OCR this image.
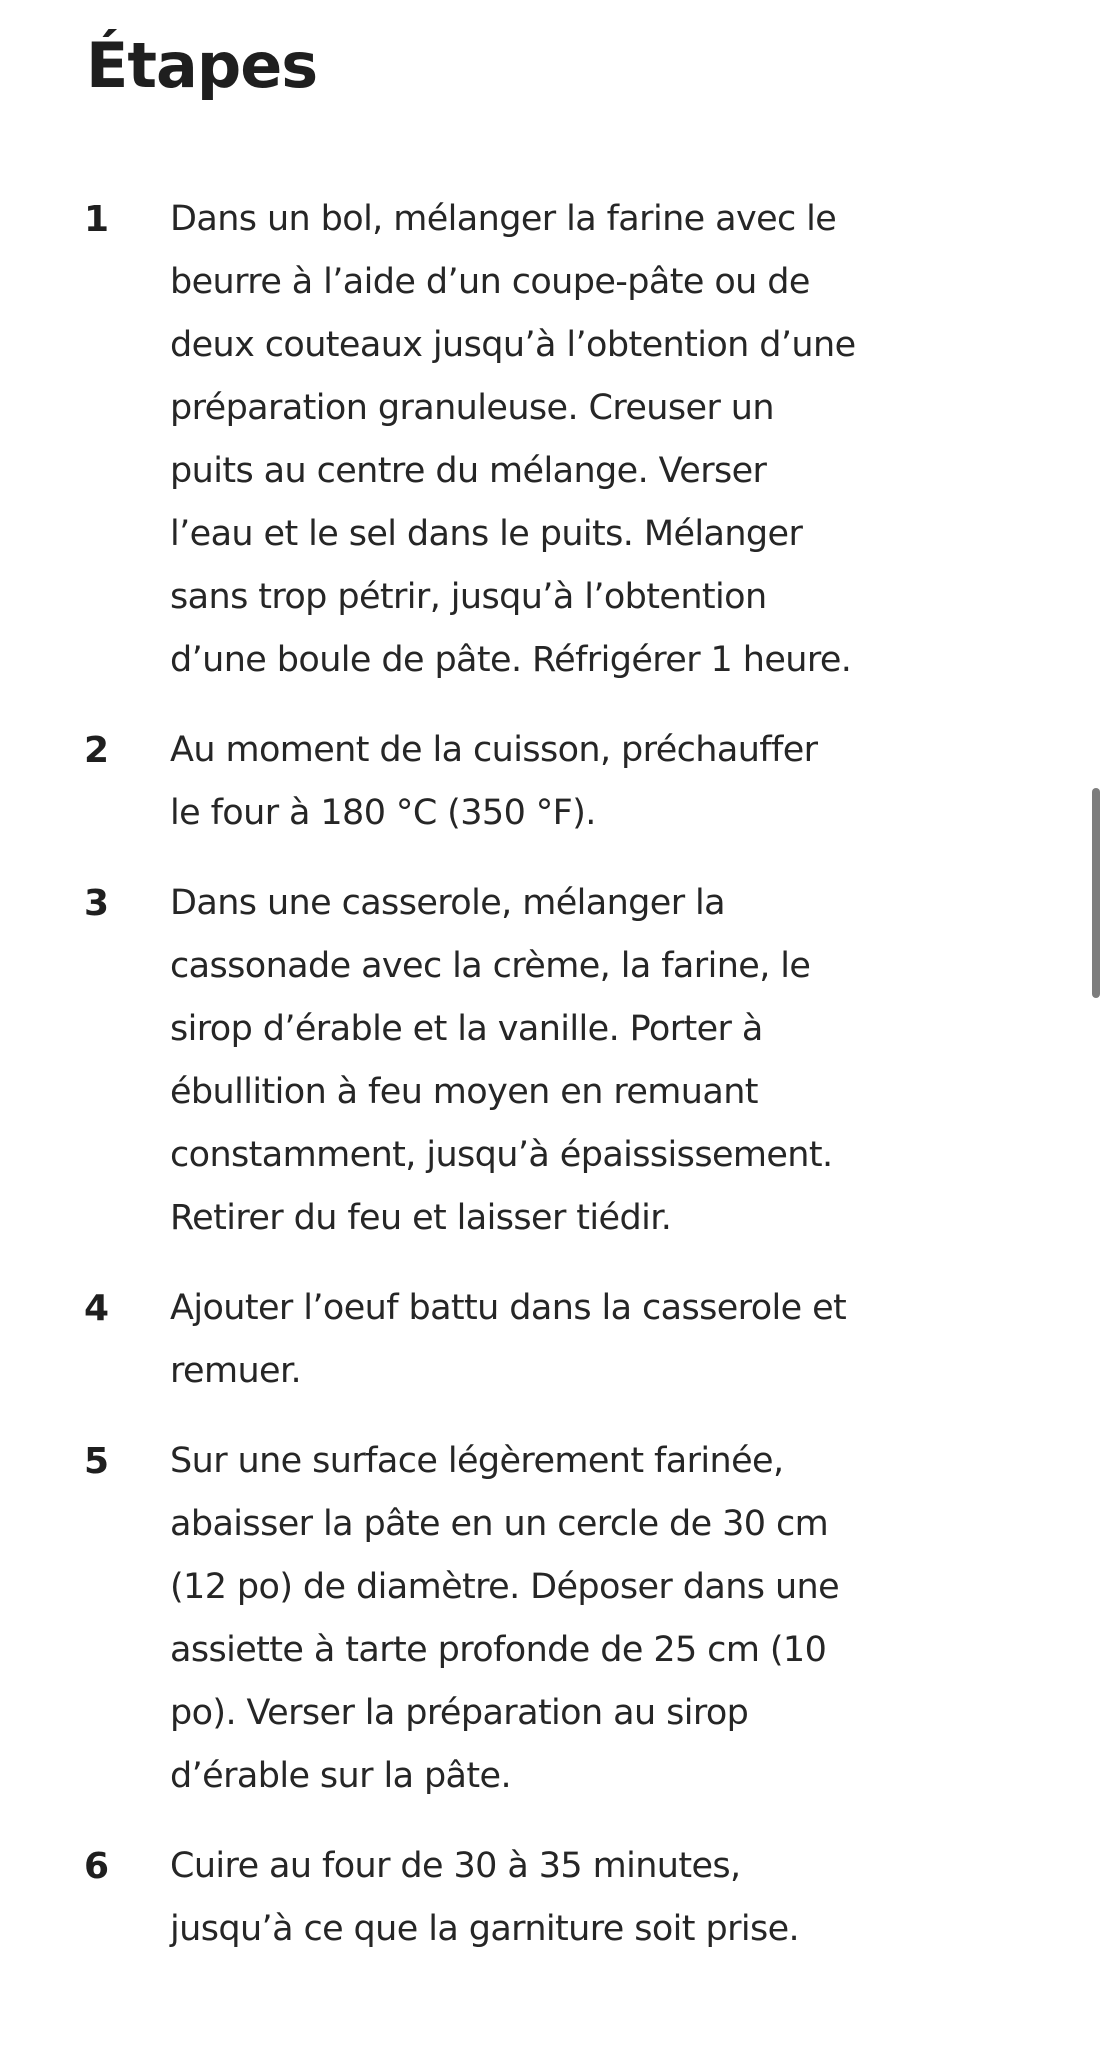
Étapes
1	Dans un bol, mélanger la farine avec le
beurre à l’aide d’un coupe-pâte ou de
deux couteaux jusqu’à l’obtention d’une
préparation granuleuse. Creuser un
puits au centre du mélange. Verser
l’eau et le sel dans le puits. Mélanger
sans trop pétrir, jusqu’à l’obtention
d’une boule de pâte. Réfrigérer 1 heure.
2	Au moment de la cuisson, préchauffer
le four à 180 °C (350 °F).
3	Dans une casserole, mélanger la
cassonade avec la crème, la farine, le
sirop d’érable et la vanille. Porter à
ébullition à feu moyen en remuant
constamment, jusqu’à épaississement.
Retirer du feu et laisser tiédir.
4	Ajouter l’oeuf battu dans la casserole et
remuer.
5	Sur une surface légèrement farinée,
abaisser la pâte en un cercle de 30 cm
(12 po) de diamètre. Déposer dans une
assiette à tarte profonde de 25 cm (10
po). Verser la préparation au sirop
d’érable sur la pâte.
6	Cuire au four de 30 à 35 minutes,
jusqu’à ce que la garniture soit prise.
